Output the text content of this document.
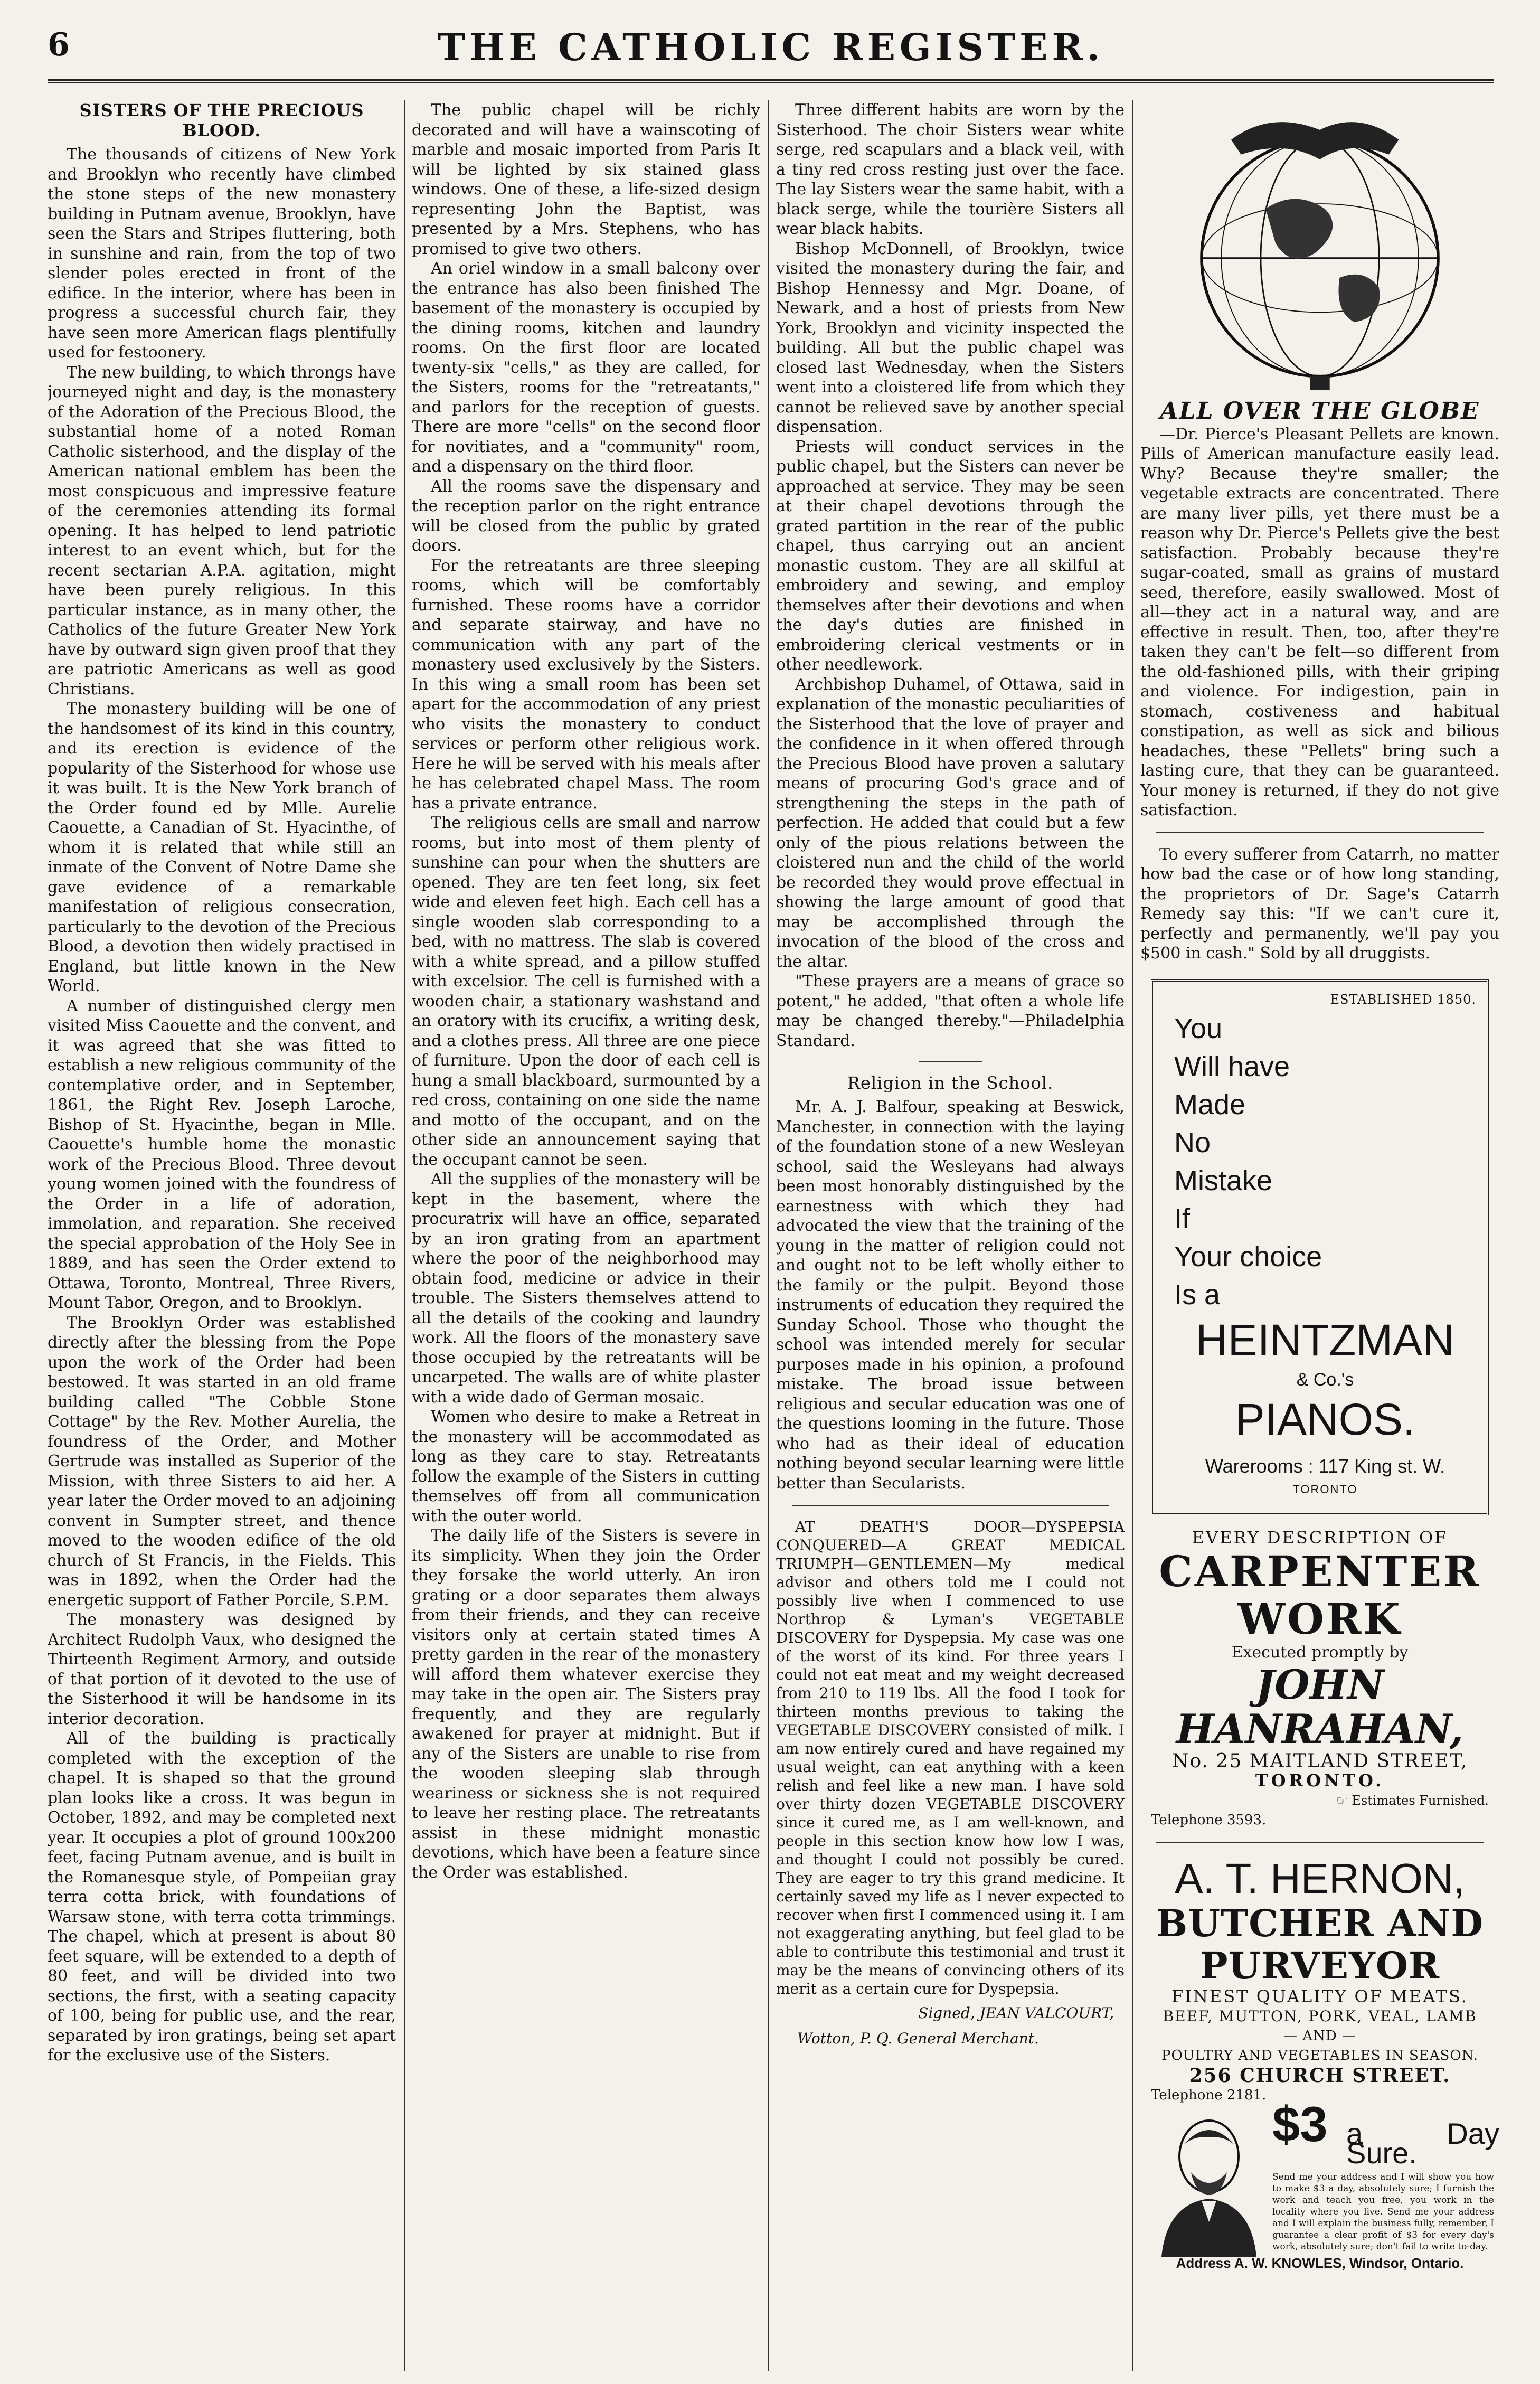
6	THE CATHOLIC REGISTER.
SISTERS OF THE PRECIOUS BLOOD.

The thousands of citizens of New York and Brooklyn who recently have climbed the stone steps of the new monastery building in Putnam avenue, Brooklyn, have seen the Stars and Stripes fluttering, both in sunshine and rain, from the top of two slender poles erected in front of the edifice. In the interior, where has been in progress a successful church fair, they have seen more American flags plentifully used for festoonery.

The new building, to which throngs have journeyed night and day, is the monastery of the Adoration of the Precious Blood, the substantial home of a noted Roman Catholic sisterhood, and the display of the American national emblem has been the most conspicuous and impressive feature of the ceremonies attending its formal opening. It has helped to lend patriotic interest to an event which, but for the recent sectarian A.P.A. agitation, might have been purely religious. In this particular instance, as in many other, the Catholics of the future Greater New York have by outward sign given proof that they are patriotic Americans as well as good Christians.

The monastery building will be one of the handsomest of its kind in this country, and its erection is evidence of the popularity of the Sisterhood for whose use it was built. It is the New York branch of the Order found ed by Mlle. Aurelie Caouette, a Canadian of St. Hyacinthe, of whom it is related that while still an inmate of the Convent of Notre Dame she gave evidence of a remarkable manifestation of religious consecration, particularly to the devotion of the Precious Blood, a devotion then widely practised in England, but little known in the New World.

A number of distinguished clergy men visited Miss Caouette and the convent, and it was agreed that she was fitted to establish a new religious community of the contemplative order, and in September, 1861, the Right Rev. Joseph Laroche, Bishop of St. Hyacinthe, began in Mlle. Caouette's humble home the monastic work of the Precious Blood. Three devout young women joined with the foundress of the Order in a life of adoration, immolation, and reparation. She received the special approbation of the Holy See in 1889, and has seen the Order extend to Ottawa, Toronto, Montreal, Three Rivers, Mount Tabor, Oregon, and to Brooklyn.

The Brooklyn Order was established directly after the blessing from the Pope upon the work of the Order had been bestowed. It was started in an old frame building called "The Cobble Stone Cottage" by the Rev. Mother Aurelia, the foundress of the Order, and Mother Gertrude was installed as Superior of the Mission, with three Sisters to aid her. A year later the Order moved to an adjoining convent in Sumpter street, and thence moved to the wooden edifice of the old church of St Francis, in the Fields. This was in 1892, when the Order had the energetic support of Father Porcile, S.P.M.

The monastery was designed by Architect Rudolph Vaux, who designed the Thirteenth Regiment Armory, and outside of that portion of it devoted to the use of the Sisterhood it will be handsome in its interior decoration.

All of the building is practically completed with the exception of the chapel. It is shaped so that the ground plan looks like a cross. It was begun in October, 1892, and may be completed next year. It occupies a plot of ground 100x200 feet, facing Putnam avenue, and is built in the Romanesque style, of Pompeiian gray terra cotta brick, with foundations of Warsaw stone, with terra cotta trimmings. The chapel, which at present is about 80 feet square, will be extended to a depth of 80 feet, and will be divided into two sections, the first, with a seating capacity of 100, being for public use, and the rear, separated by iron gratings, being set apart for the exclusive use of the Sisters.

The public chapel will be richly decorated and will have a wainscoting of marble and mosaic imported from Paris It will be lighted by six stained glass windows. One of these, a life-sized design representing John the Baptist, was presented by a Mrs. Stephens, who has promised to give two others.

An oriel window in a small balcony over the entrance has also been finished The basement of the monastery is occupied by the dining rooms, kitchen and laundry rooms. On the first floor are located twenty-six "cells," as they are called, for the Sisters, rooms for the "retreatants," and parlors for the reception of guests. There are more "cells" on the second floor for novitiates, and a "community" room, and a dispensary on the third floor.

All the rooms save the dispensary and the reception parlor on the right entrance will be closed from the public by grated doors.

For the retreatants are three sleeping rooms, which will be comfortably furnished. These rooms have a corridor and separate stairway, and have no communication with any part of the monastery used exclusively by the Sisters. In this wing a small room has been set apart for the accommodation of any priest who visits the monastery to conduct services or perform other religious work. Here he will be served with his meals after he has celebrated chapel Mass. The room has a private entrance.

The religious cells are small and narrow rooms, but into most of them plenty of sunshine can pour when the shutters are opened. They are ten feet long, six feet wide and eleven feet high. Each cell has a single wooden slab corresponding to a bed, with no mattress. The slab is covered with a white spread, and a pillow stuffed with excelsior. The cell is furnished with a wooden chair, a stationary washstand and an oratory with its crucifix, a writing desk, and a clothes press. All three are one piece of furniture. Upon the door of each cell is hung a small blackboard, surmounted by a red cross, containing on one side the name and motto of the occupant, and on the other side an announcement saying that the occupant cannot be seen.

All the supplies of the monastery will be kept in the basement, where the procuratrix will have an office, separated by an iron grating from an apartment where the poor of the neighborhood may obtain food, medicine or advice in their trouble. The Sisters themselves attend to all the details of the cooking and laundry work. All the floors of the monastery save those occupied by the retreatants will be uncarpeted. The walls are of white plaster with a wide dado of German mosaic.

Women who desire to make a Retreat in the monastery will be accommodated as long as they care to stay. Retreatants follow the example of the Sisters in cutting themselves off from all communication with the outer world.

The daily life of the Sisters is severe in its simplicity. When they join the Order they forsake the world utterly. An iron grating or a door separates them always from their friends, and they can receive visitors only at certain stated times A pretty garden in the rear of the monastery will afford them whatever exercise they may take in the open air. The Sisters pray frequently, and they are regularly awakened for prayer at midnight. But if any of the Sisters are unable to rise from the wooden sleeping slab through weariness or sickness she is not required to leave her resting place. The retreatants assist in these midnight monastic devotions, which have been a feature since the Order was established.

Three different habits are worn by the Sisterhood. The choir Sisters wear white serge, red scapulars and a black veil, with a tiny red cross resting just over the face. The lay Sisters wear the same habit, with a black serge, while the tourière Sisters all wear black habits.

Bishop McDonnell, of Brooklyn, twice visited the monastery during the fair, and Bishop Hennessy and Mgr. Doane, of Newark, and a host of priests from New York, Brooklyn and vicinity inspected the building. All but the public chapel was closed last Wednesday, when the Sisters went into a cloistered life from which they cannot be relieved save by another special dispensation.

Priests will conduct services in the public chapel, but the Sisters can never be approached at service. They may be seen at their chapel devotions through the grated partition in the rear of the public chapel, thus carrying out an ancient monastic custom. They are all skilful at embroidery and sewing, and employ themselves after their devotions and when the day's duties are finished in embroidering clerical vestments or in other needlework.

Archbishop Duhamel, of Ottawa, said in explanation of the monastic peculiarities of the Sisterhood that the love of prayer and the confidence in it when offered through the Precious Blood have proven a salutary means of procuring God's grace and of strengthening the steps in the path of perfection. He added that could but a few only of the pious relations between the cloistered nun and the child of the world be recorded they would prove effectual in showing the large amount of good that may be accomplished through the invocation of the blood of the cross and the altar.

"These prayers are a means of grace so potent," he added, "that often a whole life may be changed thereby."—Philadelphia Standard.

Religion in the School.

Mr. A. J. Balfour, speaking at Beswick, Manchester, in connection with the laying of the foundation stone of a new Wesleyan school, said the Wesleyans had always been most honorably distinguished by the earnestness with which they had advocated the view that the training of the young in the matter of religion could not and ought not to be left wholly either to the family or the pulpit. Beyond those instruments of education they required the Sunday School. Those who thought the school was intended merely for secular purposes made in his opinion, a profound mistake. The broad issue between religious and secular education was one of the questions looming in the future. Those who had as their ideal of education nothing beyond secular learning were little better than Secularists.

AT DEATH'S DOOR—DYSPEPSIA CONQUERED—A GREAT MEDICAL TRIUMPH—GENTLEMEN—My medical advisor and others told me I could not possibly live when I commenced to use Northrop & Lyman's VEGETABLE DISCOVERY for Dyspepsia. My case was one of the worst of its kind. For three years I could not eat meat and my weight decreased from 210 to 119 lbs. All the food I took for thirteen months previous to taking the VEGETABLE DISCOVERY consisted of milk. I am now entirely cured and have regained my usual weight, can eat anything with a keen relish and feel like a new man. I have sold over thirty dozen VEGETABLE DISCOVERY since it cured me, as I am well-known, and people in this section know how low I was, and thought I could not possibly be cured. They are eager to try this grand medicine. It certainly saved my life as I never expected to recover when first I commenced using it. I am not exaggerating anything, but feel glad to be able to contribute this testimonial and trust it may be the means of convincing others of its merit as a certain cure for Dyspepsia.

Signed, JEAN VALCOURT,
Wotton, P. Q. General Merchant.
ALL OVER THE GLOBE

—Dr. Pierce's Pleasant Pellets are known. Pills of American manufacture easily lead. Why? Because they're smaller; the vegetable extracts are concentrated. There are many liver pills, yet there must be a reason why Dr. Pierce's Pellets give the best satisfaction. Probably because they're sugar-coated, small as grains of mustard seed, therefore, easily swallowed. Most of all—they act in a natural way, and are effective in result. Then, too, after they're taken they can't be felt—so different from the old-fashioned pills, with their griping and violence. For indigestion, pain in stomach, costiveness and habitual constipation, as well as sick and bilious headaches, these "Pellets" bring such a lasting cure, that they can be guaranteed. Your money is returned, if they do not give satisfaction.

To every sufferer from Catarrh, no matter how bad the case or of how long standing, the proprietors of Dr. Sage's Catarrh Remedy say this: "If we can't cure it, perfectly and permanently, we'll pay you $500 in cash." Sold by all druggists.

ESTABLISHED 1850.
You
Will have
Made
No
Mistake
If
Your choice
Is a
HEINTZMAN
& Co.'s
PIANOS.
Warerooms : 117 King st. W.
TORONTO
EVERY DESCRIPTION OF
CARPENTER WORK
Executed promptly by
JOHN HANRAHAN,
No. 25 MAITLAND STREET,
TORONTO.
☞ Estimates Furnished.
Telephone 3593.
A. T. HERNON,
BUTCHER AND PURVEYOR
FINEST QUALITY OF MEATS.
BEEF, MUTTON, PORK, VEAL, LAMB
— AND —
POULTRY AND VEGETABLES IN SEASON.
256 CHURCH STREET.
Telephone 2181.
$3 a Day Sure.
Send me your address and I will show you how to make $3 a day, absolutely sure; I furnish the work and teach you free, you work in the locality where you live. Send me your address and I will explain the business fully, remember, I guarantee a clear profit of $3 for every day's work, absolutely sure; don't fail to write to-day.
Address A. W. KNOWLES, Windsor, Ontario.
